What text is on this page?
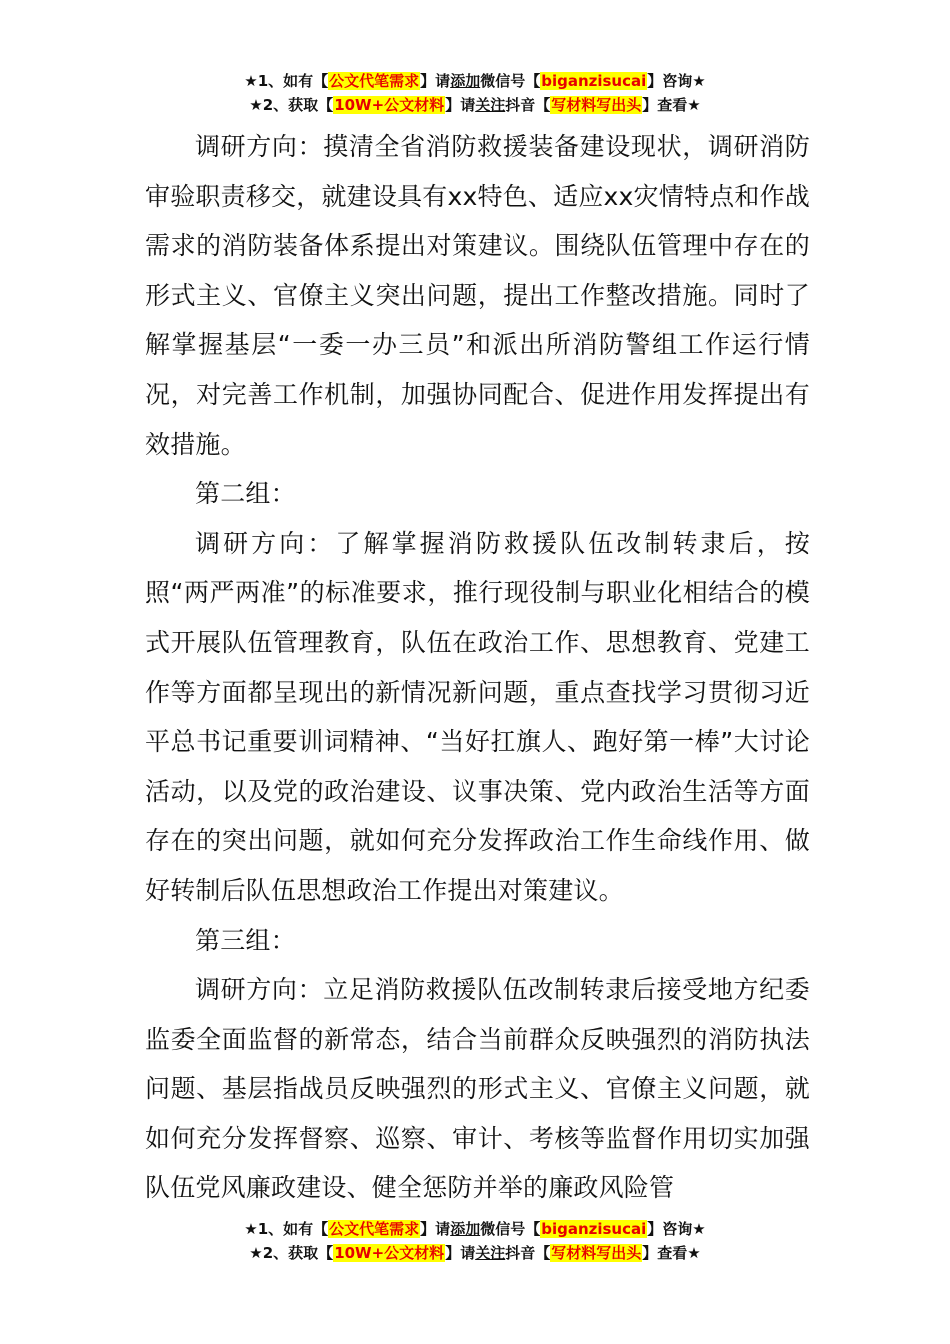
★1、如有【公文代笔需求】请添加微信号【biganzisucai】咨询★
★2、获取【10W+公文材料】请关注抖音【写材料写出头】查看★

调研方向：摸清全省消防救援装备建设现状，调研消防审验职责移交，就建设具有xx特色、适应xx灾情特点和作战需求的消防装备体系提出对策建议。围绕队伍管理中存在的形式主义、官僚主义突出问题，提出工作整改措施。同时了解掌握基层“一委一办三员”和派出所消防警组工作运行情况，对完善工作机制，加强协同配合、促进作用发挥提出有效措施。

第二组：

调研方向：了解掌握消防救援队伍改制转隶后，按照“两严两准”的标准要求，推行现役制与职业化相结合的模式开展队伍管理教育，队伍在政治工作、思想教育、党建工作等方面都呈现出的新情况新问题，重点查找学习贯彻习近平总书记重要训词精神、“当好扛旗人、跑好第一棒”大讨论活动，以及党的政治建设、议事决策、党内政治生活等方面存在的突出问题，就如何充分发挥政治工作生命线作用、做好转制后队伍思想政治工作提出对策建议。

第三组：

调研方向：立足消防救援队伍改制转隶后接受地方纪委监委全面监督的新常态，结合当前群众反映强烈的消防执法问题、基层指战员反映强烈的形式主义、官僚主义问题，就如何充分发挥督察、巡察、审计、考核等监督作用切实加强队伍党风廉政建设、健全惩防并举的廉政风险管

★1、如有【公文代笔需求】请添加微信号【biganzisucai】咨询★
★2、获取【10W+公文材料】请关注抖音【写材料写出头】查看★
